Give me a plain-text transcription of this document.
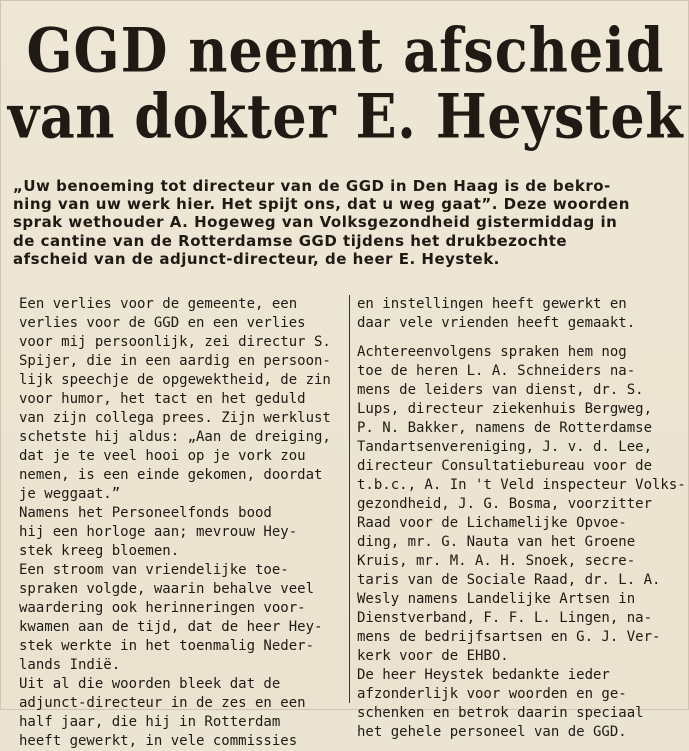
GGD neemt afscheid
van dokter E. Heystek

„Uw benoeming tot directeur van de GGD in Den Haag is de bekro-

ning van uw werk hier. Het spijt ons, dat u weg gaat”. Deze woorden

sprak wethouder A. Hogeweg van Volksgezondheid gistermiddag in

de cantine van de Rotterdamse GGD tijdens het drukbezochte

afscheid van de adjunct-directeur, de heer E. Heystek.

Een verlies voor de gemeente, een
verlies voor de GGD en een verlies
voor mij persoonlijk, zei directur S.
Spijer, die in een aardig en persoon-
lijk speechje de opgewektheid, de zin
voor humor, het tact en het geduld
van zijn collega prees. Zijn werklust
schetste hij aldus: „Aan de dreiging,
dat je te veel hooi op je vork zou
nemen, is een einde gekomen, doordat
je weggaat.”
Namens het Personeelfonds bood
hij een horloge aan; mevrouw Hey-
stek kreeg bloemen.
Een stroom van vriendelijke toe-
spraken volgde, waarin behalve veel
waardering ook herinneringen voor-
kwamen aan de tijd, dat de heer Hey-
stek werkte in het toenmalig Neder-
lands Indië.
Uit al die woorden bleek dat de
adjunct-directeur in de zes en een
half jaar, die hij in Rotterdam
heeft gewerkt, in vele commissies
en instellingen heeft gewerkt en
daar vele vrienden heeft gemaakt.
Achtereenvolgens spraken hem nog
toe de heren L. A. Schneiders na-
mens de leiders van dienst, dr. S.
Lups, directeur ziekenhuis Bergweg,
P. N. Bakker, namens de Rotterdamse
Tandartsenvereniging, J. v. d. Lee,
directeur Consultatiebureau voor de
t.b.c., A. In 't Veld inspecteur Volks-
gezondheid, J. G. Bosma, voorzitter
Raad voor de Lichamelijke Opvoe-
ding, mr. G. Nauta van het Groene
Kruis, mr. M. A. H. Snoek, secre-
taris van de Sociale Raad, dr. L. A.
Wesly namens Landelijke Artsen in
Dienstverband, F. F. L. Lingen, na-
mens de bedrijfsartsen en G. J. Ver-
kerk voor de EHBO.
De heer Heystek bedankte ieder
afzonderlijk voor woorden en ge-
schenken en betrok daarin speciaal
het gehele personeel van de GGD.
